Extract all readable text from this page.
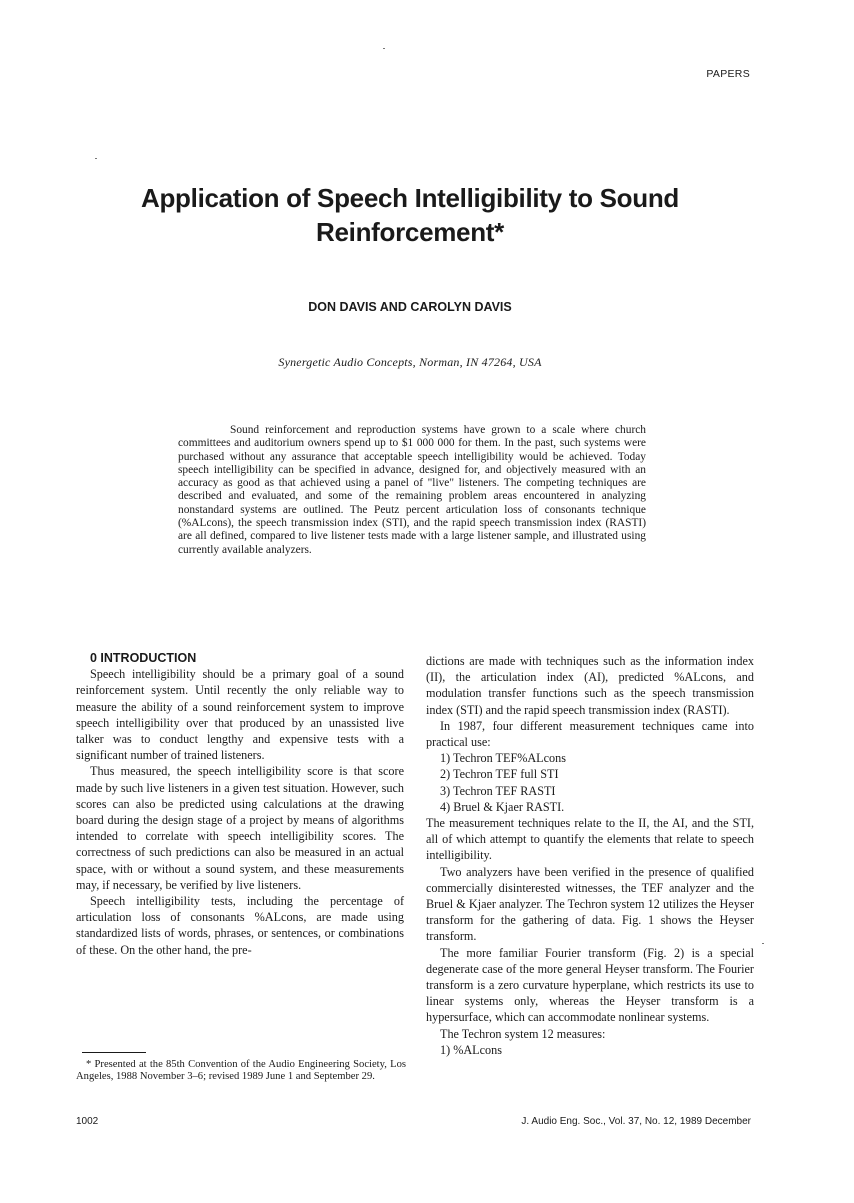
PAPERS
Application of Speech Intelligibility to Sound
Reinforcement*
DON DAVIS AND CAROLYN DAVIS
Synergetic Audio Concepts, Norman, IN 47264, USA

Sound reinforcement and reproduction systems have grown to a scale where church committees and auditorium owners spend up to $1 000 000 for them. In the past, such systems were purchased without any assurance that acceptable speech intelligibility would be achieved. Today speech intelligibility can be specified in advance, designed for, and objectively measured with an accuracy as good as that achieved using a panel of "live" listeners. The competing techniques are described and evaluated, and some of the remaining problem areas encountered in analyzing nonstandard systems are outlined. The Peutz percent articulation loss of consonants technique (%ALcons), the speech transmission index (STI), and the rapid speech transmission index (RASTI) are all defined, compared to live listener tests made with a large listener sample, and illustrated using currently available analyzers.

0 INTRODUCTION

Speech intelligibility should be a primary goal of a sound reinforcement system. Until recently the only reliable way to measure the ability of a sound reinforcement system to improve speech intelligibility over that produced by an unassisted live talker was to conduct lengthy and expensive tests with a significant number of trained listeners.

Thus measured, the speech intelligibility score is that score made by such live listeners in a given test situation. However, such scores can also be predicted using calculations at the drawing board during the design stage of a project by means of algorithms intended to correlate with speech intelligibility scores. The correctness of such predictions can also be measured in an actual space, with or without a sound system, and these measurements may, if necessary, be verified by live listeners.

Speech intelligibility tests, including the percentage of articulation loss of consonants %ALcons, are made using standardized lists of words, phrases, or sentences, or combinations of these. On the other hand, the pre-

dictions are made with techniques such as the information index (II), the articulation index (AI), predicted %ALcons, and modulation transfer functions such as the speech transmission index (STI) and the rapid speech transmission index (RASTI).

In 1987, four different measurement techniques came into practical use:

1) Techron TEF%ALcons
2) Techron TEF full STI
3) Techron TEF RASTI
4) Bruel & Kjaer RASTI.

The measurement techniques relate to the II, the AI, and the STI, all of which attempt to quantify the elements that relate to speech intelligibility.

Two analyzers have been verified in the presence of qualified commercially disinterested witnesses, the TEF analyzer and the Bruel & Kjaer analyzer. The Techron system 12 utilizes the Heyser transform for the gathering of data. Fig. 1 shows the Heyser transform.

The more familiar Fourier transform (Fig. 2) is a special degenerate case of the more general Heyser transform. The Fourier transform is a zero curvature hyperplane, which restricts its use to linear systems only, whereas the Heyser transform is a hypersurface, which can accommodate nonlinear systems.

The Techron system 12 measures:

1) %ALcons

* Presented at the 85th Convention of the Audio Engineering Society, Los Angeles, 1988 November 3–6; revised 1989 June 1 and September 29.

1002	J. Audio Eng. Soc., Vol. 37, No. 12, 1989 December
